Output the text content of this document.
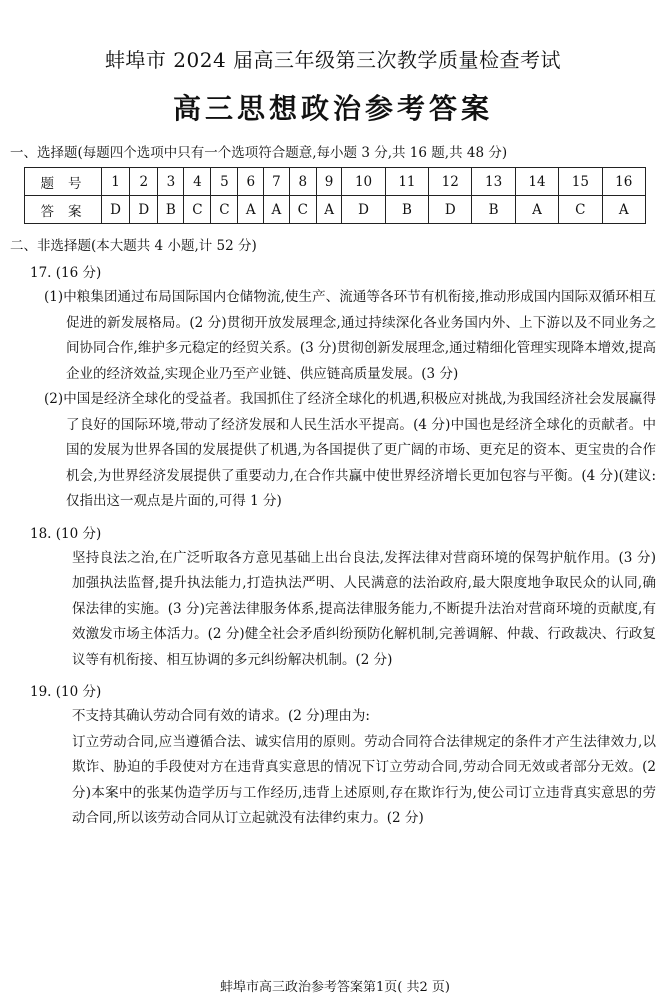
蚌埠市 2024 届高三年级第三次教学质量检查考试
高三思想政治参考答案
一、选择题(每题四个选项中只有一个选项符合题意,每小题 3 分,共 16 题,共 48 分)
题号	1	2	3	4	5	6	7	8	9	10	11	12	13	14	15	16
答案	D	D	B	C	C	A	A	C	A	D	B	D	B	A	C	A
二、非选择题(本大题共 4 小题,计 52 分)
17. (16 分)
(1)中粮集团通过布局国际国内仓储物流,使生产、流通等各环节有机衔接,推动形成国内国际双循环相互促进的新发展格局。(2 分)贯彻开放发展理念,通过持续深化各业务国内外、上下游以及不同业务之间协同合作,维护多元稳定的经贸关系。(3 分)贯彻创新发展理念,通过精细化管理实现降本增效,提高企业的经济效益,实现企业乃至产业链、供应链高质量发展。(3 分)
(2)中国是经济全球化的受益者。我国抓住了经济全球化的机遇,积极应对挑战,为我国经济社会发展赢得了良好的国际环境,带动了经济发展和人民生活水平提高。(4 分)中国也是经济全球化的贡献者。中国的发展为世界各国的发展提供了机遇,为各国提供了更广阔的市场、更充足的资本、更宝贵的合作机会,为世界经济发展提供了重要动力,在合作共赢中使世界经济增长更加包容与平衡。(4 分)(建议:仅指出这一观点是片面的,可得 1 分)
18. (10 分)
坚持良法之治,在广泛听取各方意见基础上出台良法,发挥法律对营商环境的保驾护航作用。(3 分)加强执法监督,提升执法能力,打造执法严明、人民满意的法治政府,最大限度地争取民众的认同,确保法律的实施。(3 分)完善法律服务体系,提高法律服务能力,不断提升法治对营商环境的贡献度,有效激发市场主体活力。(2 分)健全社会矛盾纠纷预防化解机制,完善调解、仲裁、行政裁决、行政复议等有机衔接、相互协调的多元纠纷解决机制。(2 分)
19. (10 分)
不支持其确认劳动合同有效的请求。(2 分)理由为:
订立劳动合同,应当遵循合法、诚实信用的原则。劳动合同符合法律规定的条件才产生法律效力,以欺诈、胁迫的手段使对方在违背真实意思的情况下订立劳动合同,劳动合同无效或者部分无效。(2 分)本案中的张某伪造学历与工作经历,违背上述原则,存在欺诈行为,使公司订立违背真实意思的劳动合同,所以该劳动合同从订立起就没有法律约束力。(2 分)
蚌埠市高三政治参考答案第1页( 共2 页)
